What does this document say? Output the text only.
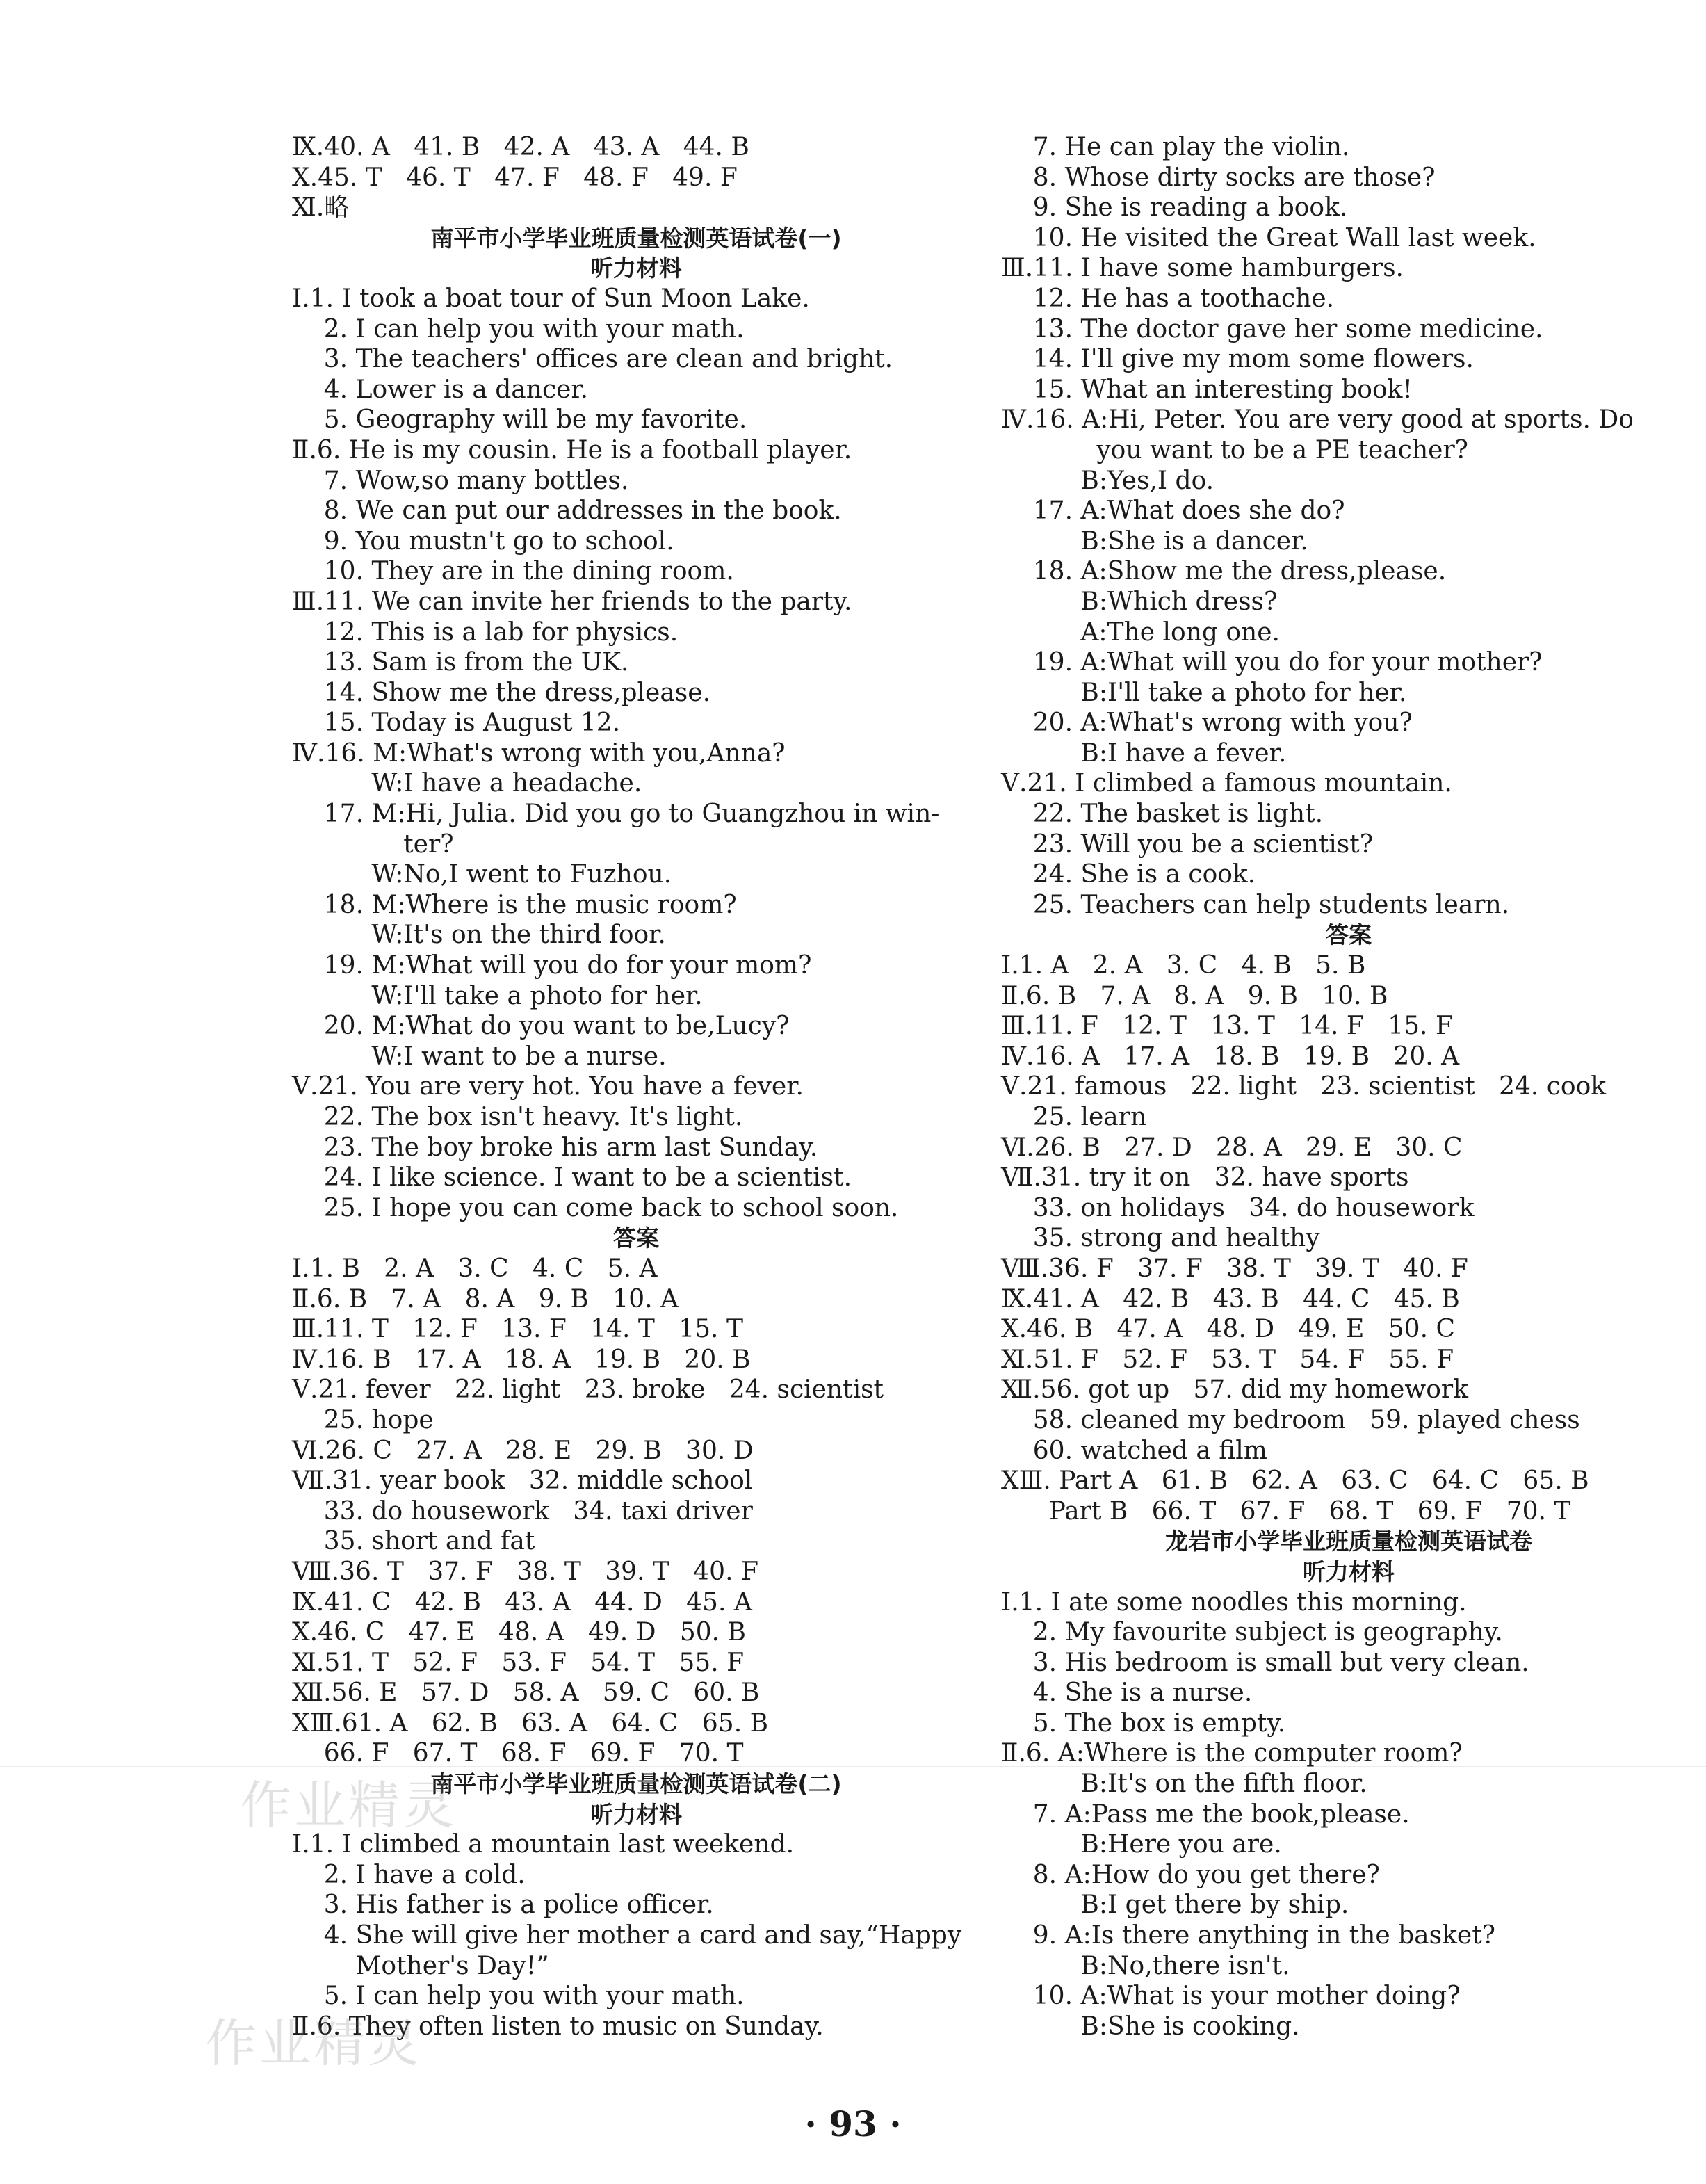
Ⅸ.40. A   41. B   42. A   43. A   44. B
Ⅹ.45. T   46. T   47. F   48. F   49. F
Ⅺ.略
南平市小学毕业班质量检测英语试卷(一)
听力材料
Ⅰ.1. I took a boat tour of Sun Moon Lake.
2. I can help you with your math.
3. The teachers' offices are clean and bright.
4. Lower is a dancer.
5. Geography will be my favorite.
Ⅱ.6. He is my cousin. He is a football player.
7. Wow,so many bottles.
8. We can put our addresses in the book.
9. You mustn't go to school.
10. They are in the dining room.
Ⅲ.11. We can invite her friends to the party.
12. This is a lab for physics.
13. Sam is from the UK.
14. Show me the dress,please.
15. Today is August 12.
Ⅳ.16. M:What's wrong with you,Anna?
W:I have a headache.
17. M:Hi, Julia. Did you go to Guangzhou in win-
ter?
W:No,I went to Fuzhou.
18. M:Where is the music room?
W:It's on the third foor.
19. M:What will you do for your mom?
W:I'll take a photo for her.
20. M:What do you want to be,Lucy?
W:I want to be a nurse.
Ⅴ.21. You are very hot. You have a fever.
22. The box isn't heavy. It's light.
23. The boy broke his arm last Sunday.
24. I like science. I want to be a scientist.
25. I hope you can come back to school soon.
答案
Ⅰ.1. B   2. A   3. C   4. C   5. A
Ⅱ.6. B   7. A   8. A   9. B   10. A
Ⅲ.11. T   12. F   13. F   14. T   15. T
Ⅳ.16. B   17. A   18. A   19. B   20. B
Ⅴ.21. fever   22. light   23. broke   24. scientist
25. hope
Ⅵ.26. C   27. A   28. E   29. B   30. D
Ⅶ.31. year book   32. middle school
33. do housework   34. taxi driver
35. short and fat
Ⅷ.36. T   37. F   38. T   39. T   40. F
Ⅸ.41. C   42. B   43. A   44. D   45. A
Ⅹ.46. C   47. E   48. A   49. D   50. B
Ⅺ.51. T   52. F   53. F   54. T   55. F
Ⅻ.56. E   57. D   58. A   59. C   60. B
XⅢ.61. A   62. B   63. A   64. C   65. B
66. F   67. T   68. F   69. F   70. T
南平市小学毕业班质量检测英语试卷(二)
听力材料
Ⅰ.1. I climbed a mountain last weekend.
2. I have a cold.
3. His father is a police officer.
4. She will give her mother a card and say,“Happy
Mother's Day!”
5. I can help you with your math.
Ⅱ.6. They often listen to music on Sunday.
7. He can play the violin.
8. Whose dirty socks are those?
9. She is reading a book.
10. He visited the Great Wall last week.
Ⅲ.11. I have some hamburgers.
12. He has a toothache.
13. The doctor gave her some medicine.
14. I'll give my mom some flowers.
15. What an interesting book!
Ⅳ.16. A:Hi, Peter. You are very good at sports. Do
you want to be a PE teacher?
B:Yes,I do.
17. A:What does she do?
B:She is a dancer.
18. A:Show me the dress,please.
B:Which dress?
A:The long one.
19. A:What will you do for your mother?
B:I'll take a photo for her.
20. A:What's wrong with you?
B:I have a fever.
Ⅴ.21. I climbed a famous mountain.
22. The basket is light.
23. Will you be a scientist?
24. She is a cook.
25. Teachers can help students learn.
答案
Ⅰ.1. A   2. A   3. C   4. B   5. B
Ⅱ.6. B   7. A   8. A   9. B   10. B
Ⅲ.11. F   12. T   13. T   14. F   15. F
Ⅳ.16. A   17. A   18. B   19. B   20. A
Ⅴ.21. famous   22. light   23. scientist   24. cook
25. learn
Ⅵ.26. B   27. D   28. A   29. E   30. C
Ⅶ.31. try it on   32. have sports
33. on holidays   34. do housework
35. strong and healthy
Ⅷ.36. F   37. F   38. T   39. T   40. F
Ⅸ.41. A   42. B   43. B   44. C   45. B
Ⅹ.46. B   47. A   48. D   49. E   50. C
Ⅺ.51. F   52. F   53. T   54. F   55. F
Ⅻ.56. got up   57. did my homework
58. cleaned my bedroom   59. played chess
60. watched a film
XⅢ. Part A   61. B   62. A   63. C   64. C   65. B
Part B   66. T   67. F   68. T   69. F   70. T
龙岩市小学毕业班质量检测英语试卷
听力材料
Ⅰ.1. I ate some noodles this morning.
2. My favourite subject is geography.
3. His bedroom is small but very clean.
4. She is a nurse.
5. The box is empty.
Ⅱ.6. A:Where is the computer room?
B:It's on the fifth floor.
7. A:Pass me the book,please.
B:Here you are.
8. A:How do you get there?
B:I get there by ship.
9. A:Is there anything in the basket?
B:No,there isn't.
10. A:What is your mother doing?
B:She is cooking.
作业精灵
作业精灵
· 93 ·
